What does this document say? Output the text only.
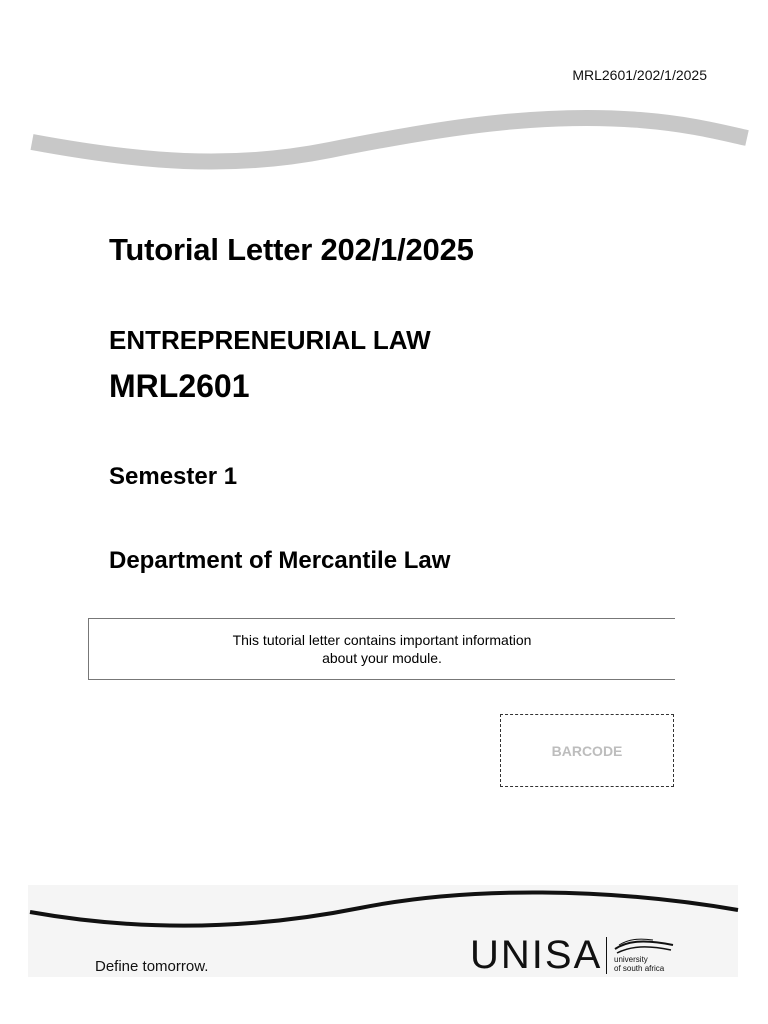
MRL2601/202/1/2025
Tutorial Letter 202/1/2025
ENTREPRENEURIAL LAW
MRL2601
Semester 1
Department of Mercantile Law
This tutorial letter contains important information
about your module.
BARCODE
Define tomorrow.	UNISA university
of south africa
